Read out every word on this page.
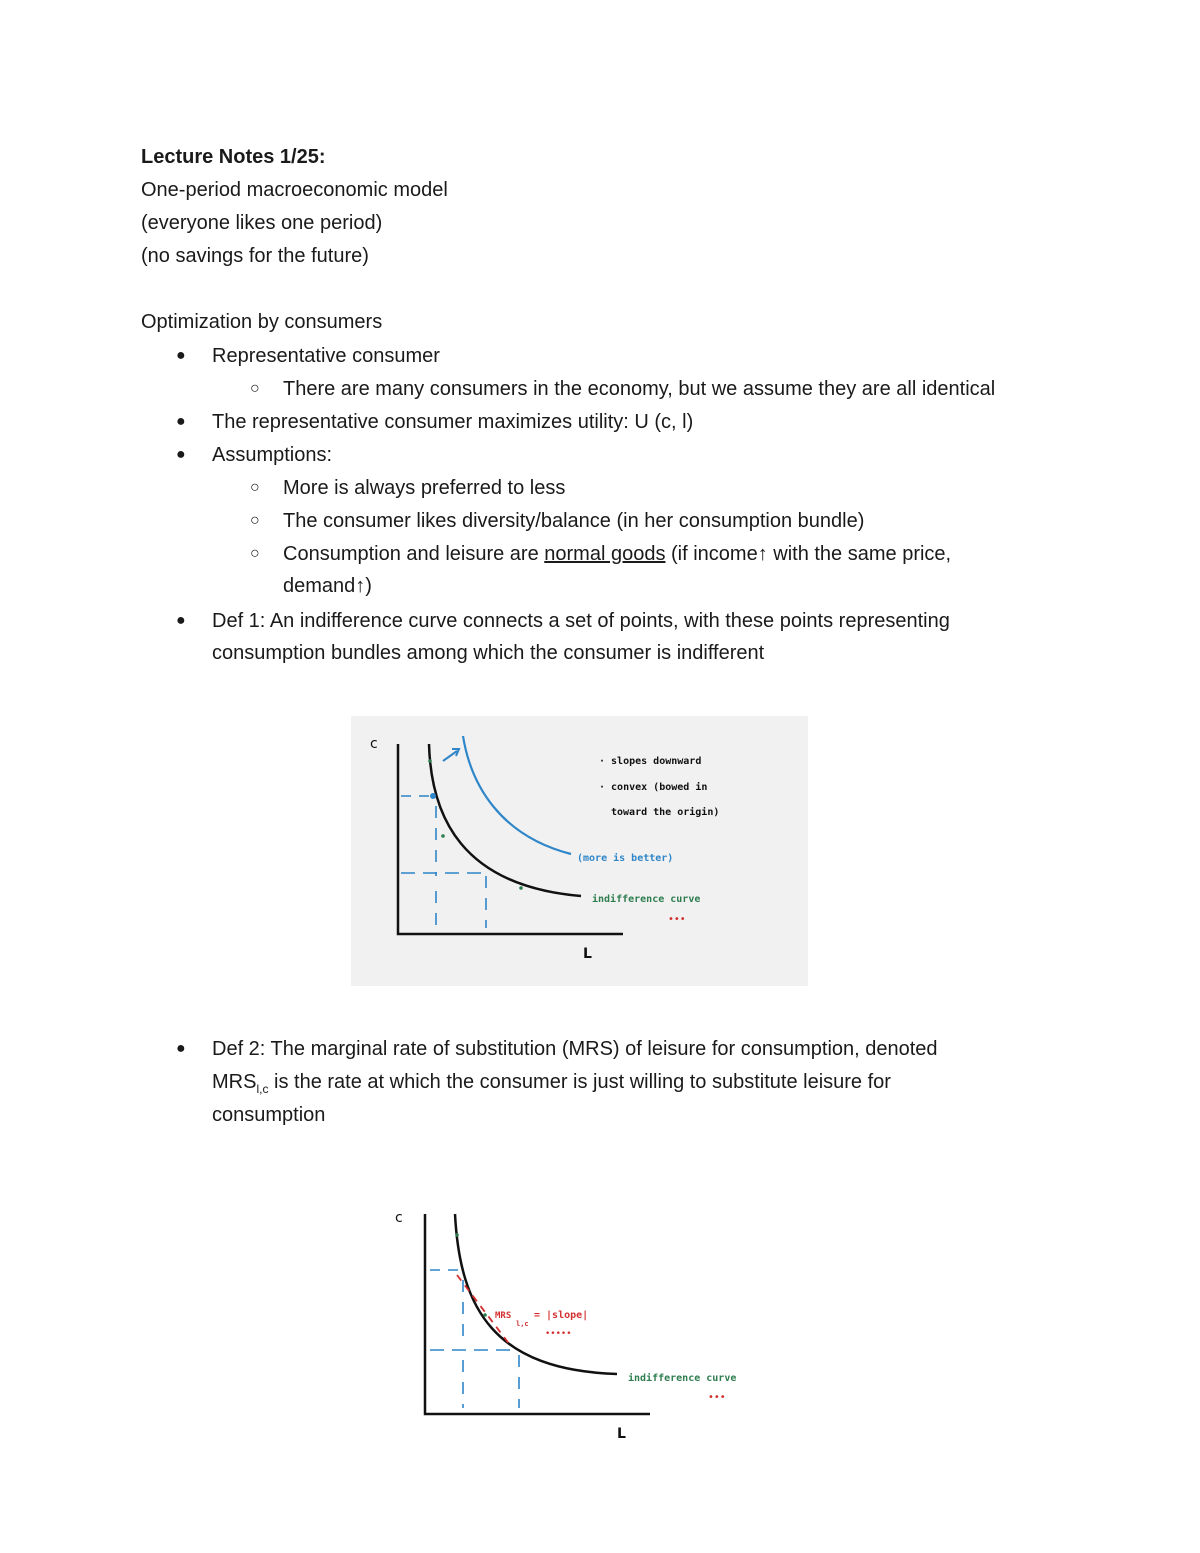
Lecture Notes 1/25:
One-period macroeconomic model
(everyone likes one period)
(no savings for the future)
Optimization by consumers
● Representative consumer
○ There are many consumers in the economy, but we assume they are all identical
● The representative consumer maximizes utility: U (c, l)
● Assumptions:
○ More is always preferred to less
○ The consumer likes diversity/balance (in her consumption bundle)
○ Consumption and leisure are normal goods (if income↑ with the same price,
demand↑)
● Def 1: An indifference curve connects a set of points, with these points representing
consumption bundles among which the consumer is indifferent
c
L
· slopes downward
· convex (bowed in
toward the origin)
(more is better)
indifference curve
•••
● Def 2: The marginal rate of substitution (MRS) of leisure for consumption, denoted
$MRS_{l,c}$ is the rate at which the consumer is just willing to substitute leisure for
consumption
c
L
MRS
l,c
= |slope|
•••••
indifference curve
•••
